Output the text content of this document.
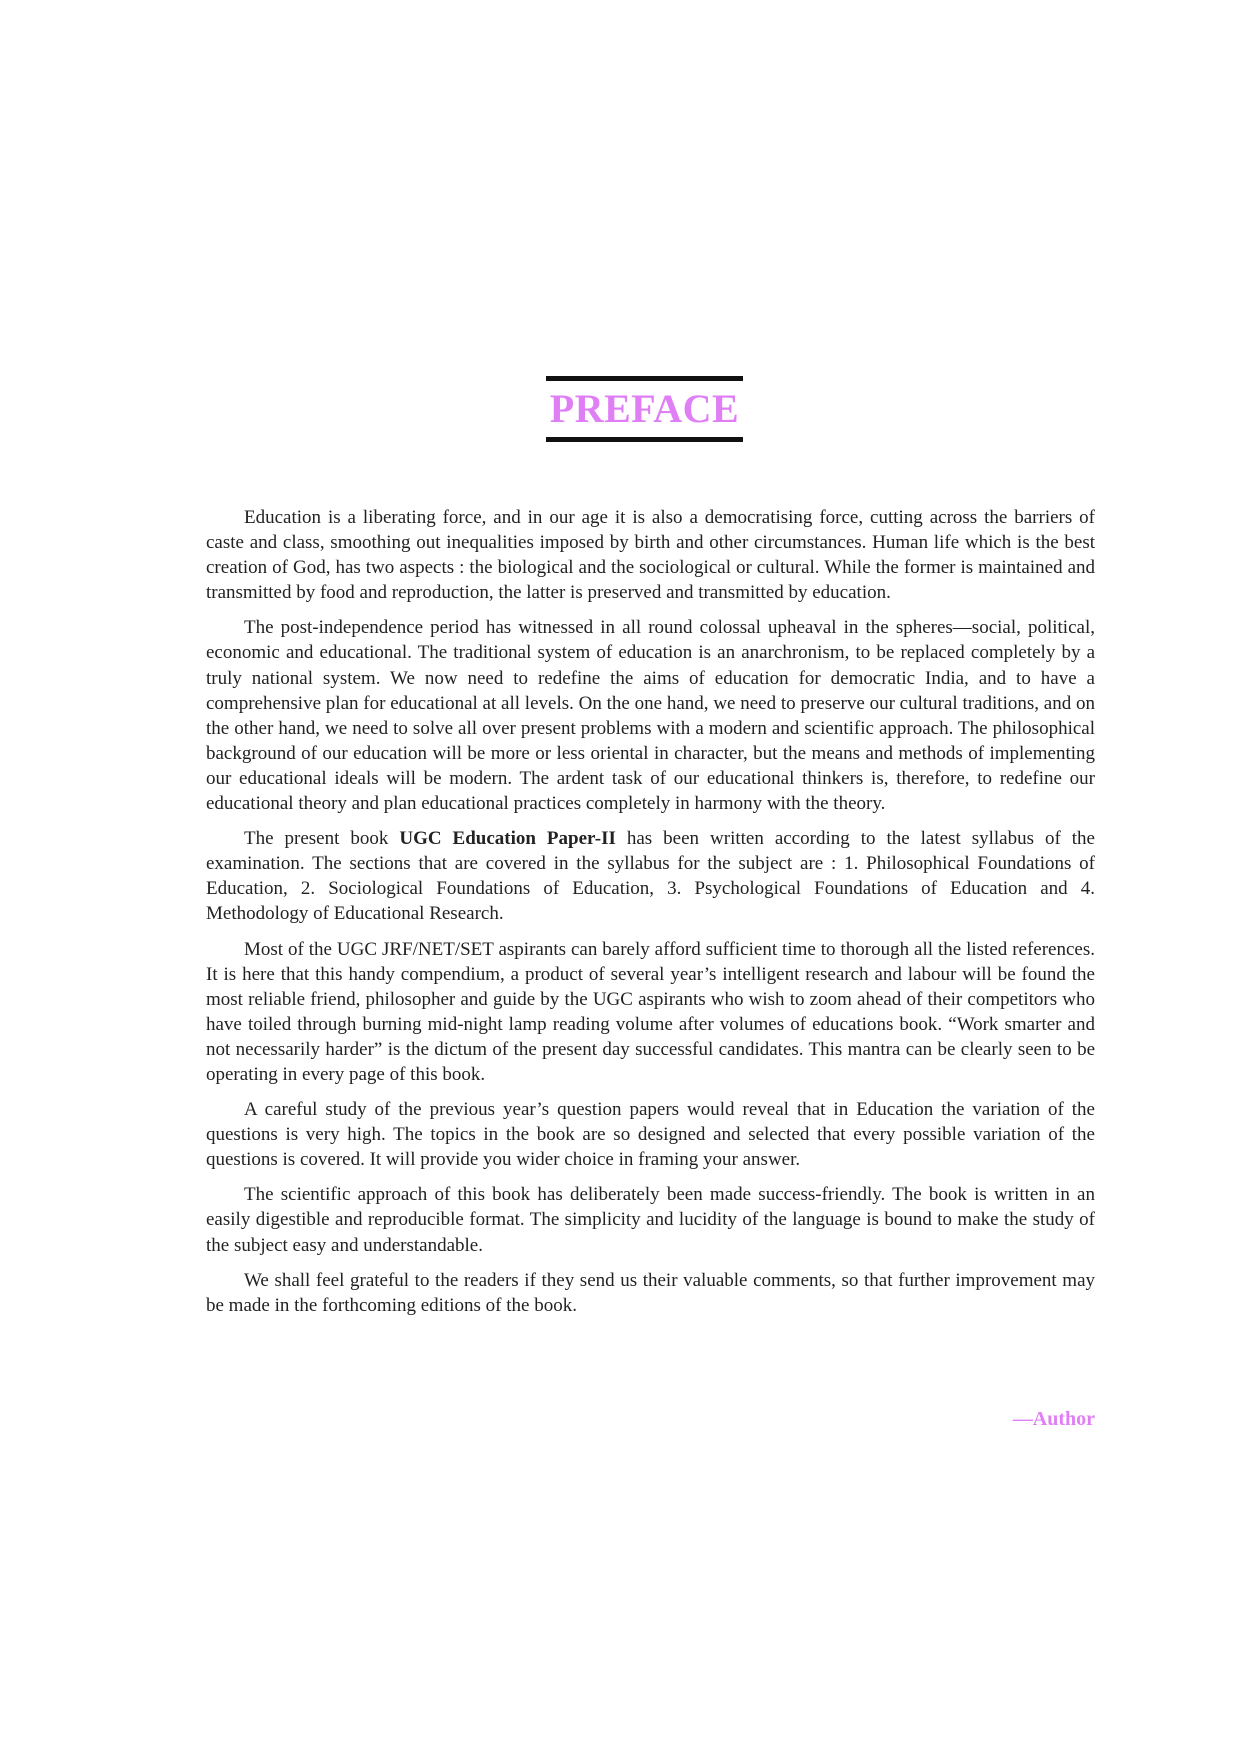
PREFACE

Education is a liberating force, and in our age it is also a democratising force, cutting across the barriers of caste and class, smoothing out inequalities imposed by birth and other circumstances. Human life which is the best creation of God, has two aspects : the biological and the sociological or cultural. While the former is maintained and transmitted by food and reproduction, the latter is preserved and transmitted by education.

The post-independence period has witnessed in all round colossal upheaval in the spheres—social, political, economic and educational. The traditional system of education is an anarchronism, to be replaced completely by a truly national system. We now need to redefine the aims of education for democratic India, and to have a comprehensive plan for educational at all levels. On the one hand, we need to preserve our cultural traditions, and on the other hand, we need to solve all over present problems with a modern and scientific approach. The philosophical background of our education will be more or less oriental in character, but the means and methods of implementing our educational ideals will be modern. The ardent task of our educational thinkers is, therefore, to redefine our educational theory and plan educational practices completely in harmony with the theory.

The present book UGC Education Paper-II has been written according to the latest syllabus of the examination. The sections that are covered in the syllabus for the subject are : 1. Philosophical Foundations of Education, 2. Sociological Foundations of Education, 3. Psychological Foundations of Education and 4. Methodology of Educational Research.

Most of the UGC JRF/NET/SET aspirants can barely afford sufficient time to thorough all the listed references. It is here that this handy compendium, a product of several year’s intelligent research and labour will be found the most reliable friend, philosopher and guide by the UGC aspirants who wish to zoom ahead of their competitors who have toiled through burning mid-night lamp reading volume after volumes of educations book. “Work smarter and not necessarily harder” is the dictum of the present day successful candidates. This mantra can be clearly seen to be operating in every page of this book.

A careful study of the previous year’s question papers would reveal that in Education the variation of the questions is very high. The topics in the book are so designed and selected that every possible variation of the questions is covered. It will provide you wider choice in framing your answer.

The scientific approach of this book has deliberately been made success-friendly. The book is written in an easily digestible and reproducible format. The simplicity and lucidity of the language is bound to make the study of the subject easy and understandable.

We shall feel grateful to the readers if they send us their valuable comments, so that further improvement may be made in the forthcoming editions of the book.

—Author
